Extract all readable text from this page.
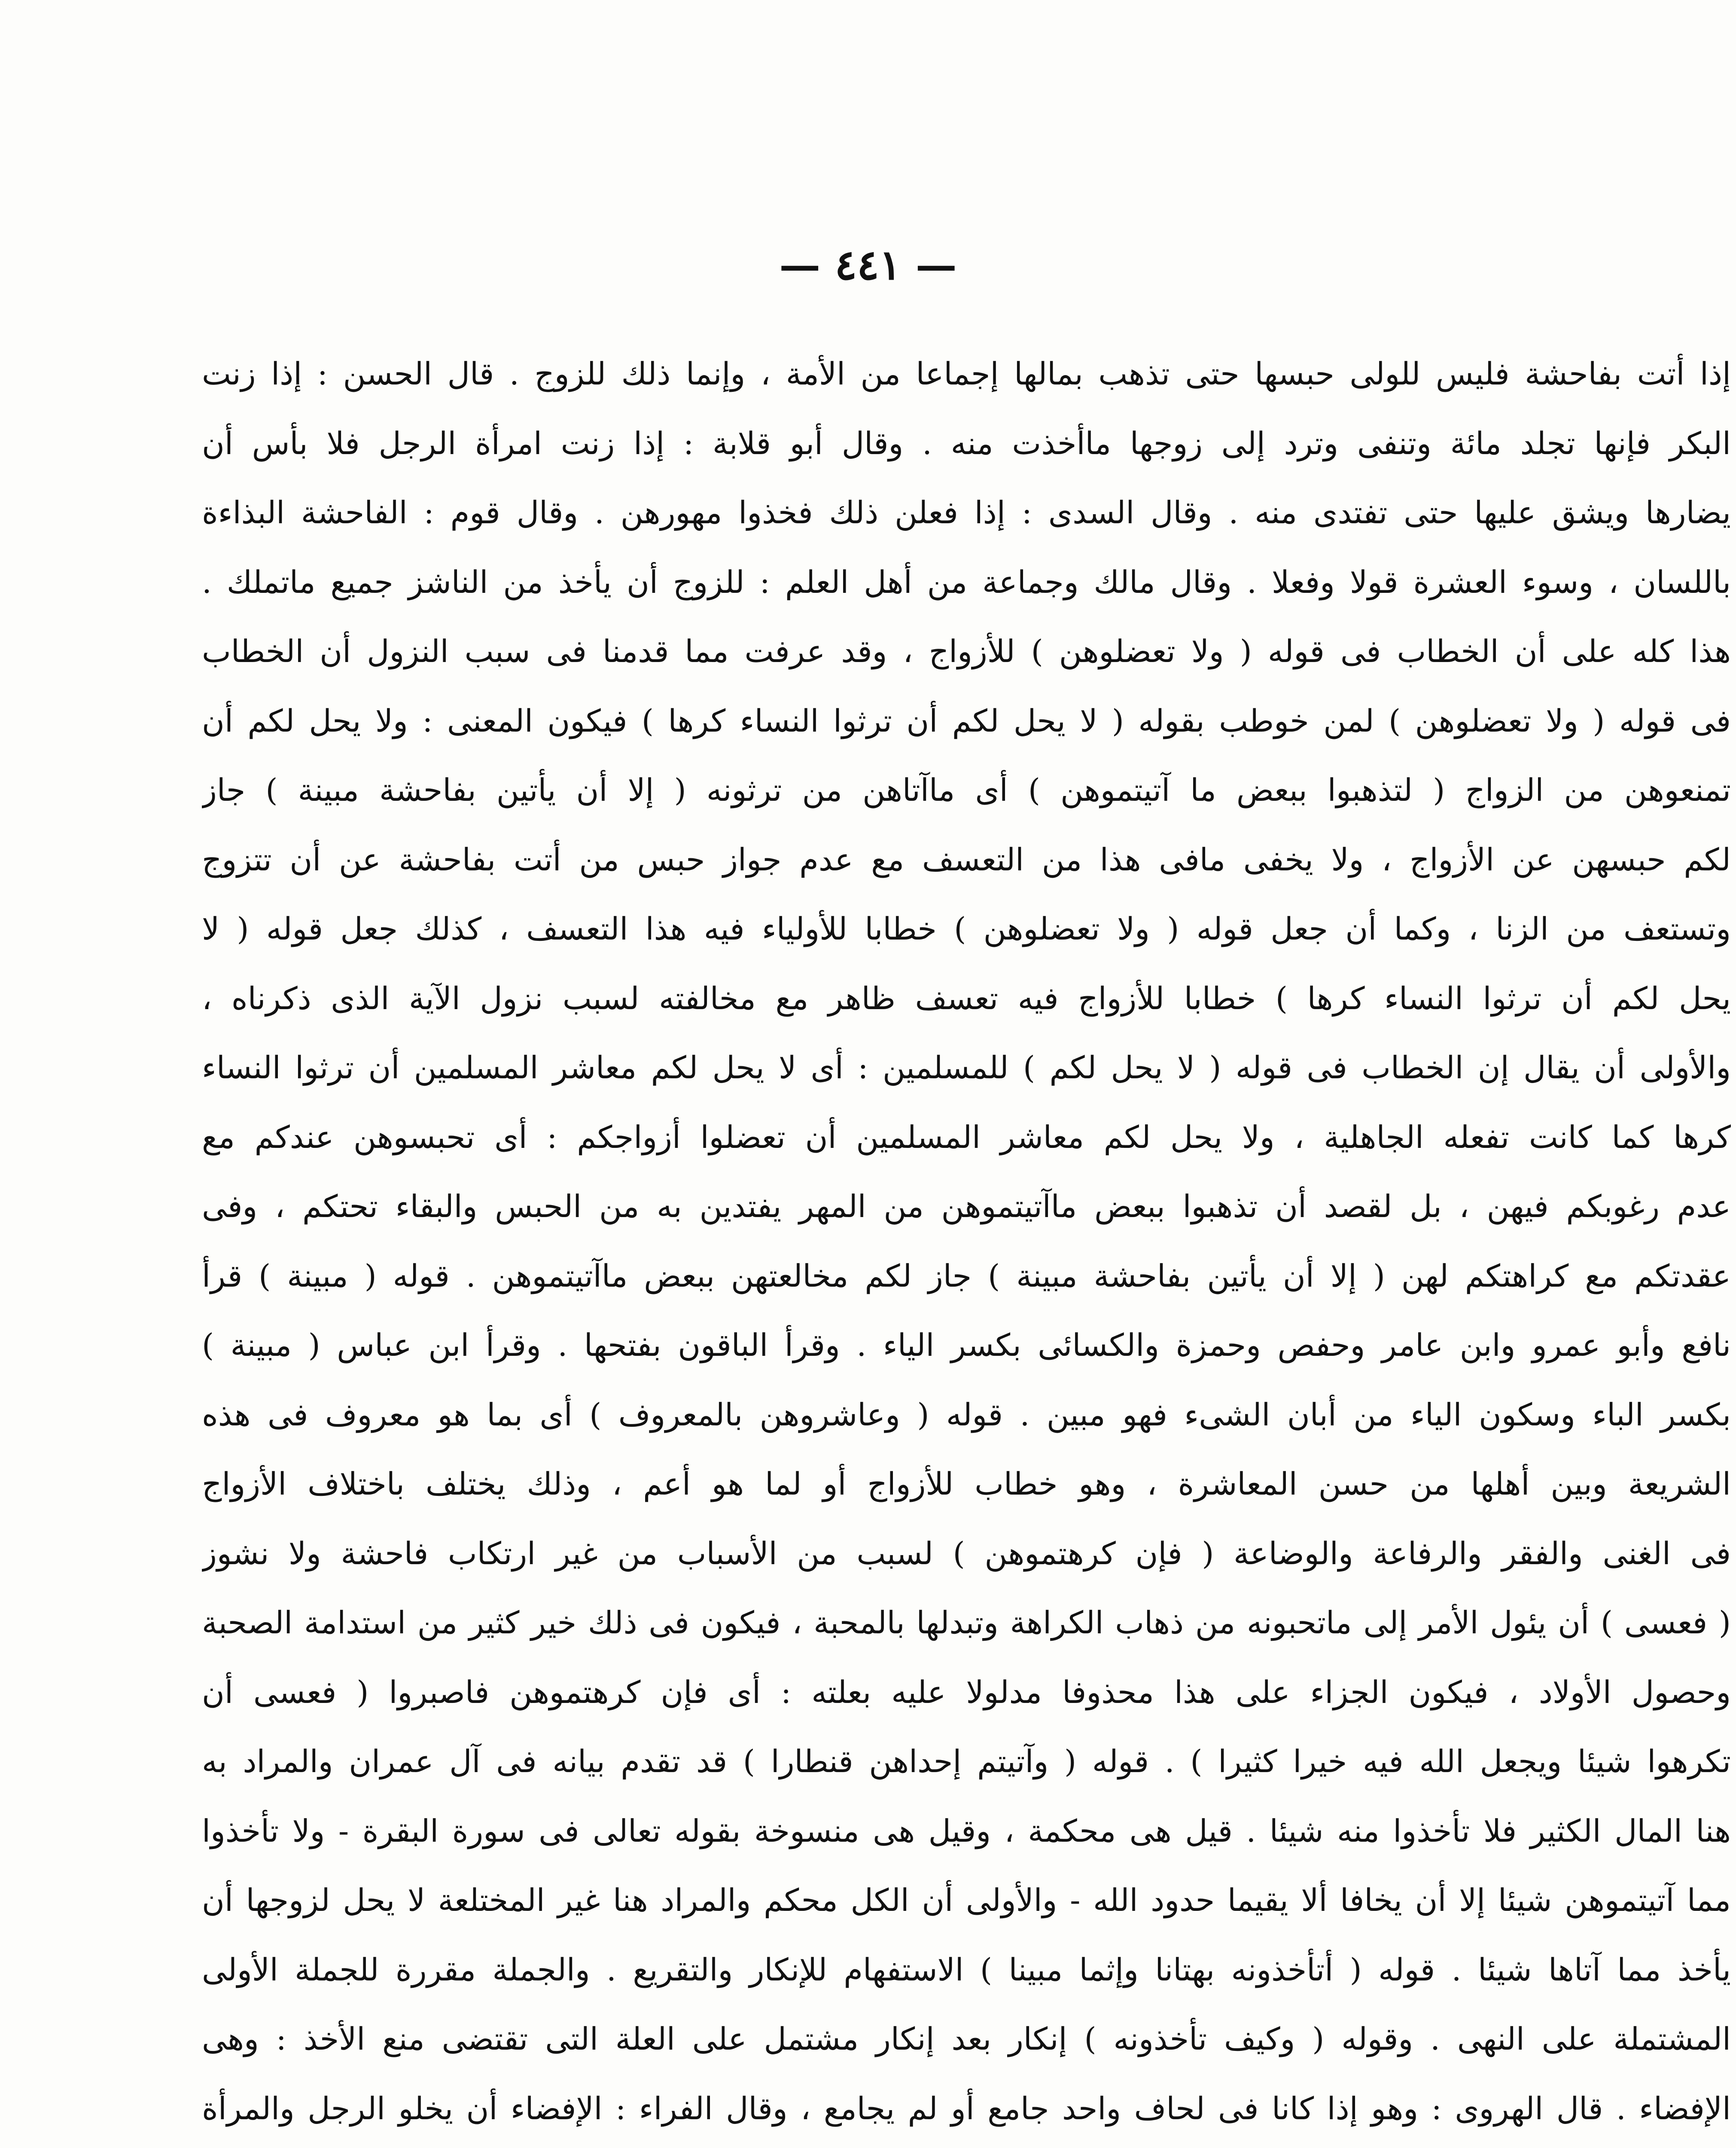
— ٤٤١ —
إذا أتت بفاحشة فليس للولى حبسها حتى تذهب بمالها إجماعا من الأمة ، وإنما ذلك للزوج . قال الحسن : إذا زنت
البكر فإنها تجلد مائة وتنفى وترد إلى زوجها ماأخذت منه . وقال أبو قلابة : إذا زنت امرأة الرجل فلا بأس أن
يضارها ويشق عليها حتى تفتدى منه . وقال السدى : إذا فعلن ذلك فخذوا مهورهن . وقال قوم : الفاحشة البذاءة
باللسان ، وسوء العشرة قولا وفعلا . وقال مالك وجماعة من أهل العلم : للزوج أن يأخذ من الناشز جميع ماتملك .
هذا كله على أن الخطاب فى قوله ( ولا تعضلوهن ) للأزواج ، وقد عرفت مما قدمنا فى سبب النزول أن الخطاب
فى قوله ( ولا تعضلوهن ) لمن خوطب بقوله ( لا يحل لكم أن ترثوا النساء كرها ) فيكون المعنى : ولا يحل لكم أن
تمنعوهن من الزواج ( لتذهبوا ببعض ما آتيتموهن ) أى ماآتاهن من ترثونه ( إلا أن يأتين بفاحشة مبينة ) جاز
لكم حبسهن عن الأزواج ، ولا يخفى مافى هذا من التعسف مع عدم جواز حبس من أتت بفاحشة عن أن تتزوج
وتستعف من الزنا ، وكما أن جعل قوله ( ولا تعضلوهن ) خطابا للأولياء فيه هذا التعسف ، كذلك جعل قوله ( لا
يحل لكم أن ترثوا النساء كرها ) خطابا للأزواج فيه تعسف ظاهر مع مخالفته لسبب نزول الآية الذى ذكرناه ،
والأولى أن يقال إن الخطاب فى قوله ( لا يحل لكم ) للمسلمين : أى لا يحل لكم معاشر المسلمين أن ترثوا النساء
كرها كما كانت تفعله الجاهلية ، ولا يحل لكم معاشر المسلمين أن تعضلوا أزواجكم : أى تحبسوهن عندكم مع
عدم رغوبكم فيهن ، بل لقصد أن تذهبوا ببعض ماآتيتموهن من المهر يفتدين به من الحبس والبقاء تحتكم ، وفى
عقدتكم مع كراهتكم لهن ( إلا أن يأتين بفاحشة مبينة ) جاز لكم مخالعتهن ببعض ماآتيتموهن . قوله ( مبينة ) قرأ
نافع وأبو عمرو وابن عامر وحفص وحمزة والكسائى بكسر الياء . وقرأ الباقون بفتحها . وقرأ ابن عباس ( مبينة )
بكسر الباء وسكون الياء من أبان الشىء فهو مبين . قوله ( وعاشروهن بالمعروف ) أى بما هو معروف فى هذه
الشريعة وبين أهلها من حسن المعاشرة ، وهو خطاب للأزواج أو لما هو أعم ، وذلك يختلف باختلاف الأزواج
فى الغنى والفقر والرفاعة والوضاعة ( فإن كرهتموهن ) لسبب من الأسباب من غير ارتكاب فاحشة ولا نشوز
( فعسى ) أن يئول الأمر إلى ماتحبونه من ذهاب الكراهة وتبدلها بالمحبة ، فيكون فى ذلك خير كثير من استدامة الصحبة
وحصول الأولاد ، فيكون الجزاء على هذا محذوفا مدلولا عليه بعلته : أى فإن كرهتموهن فاصبروا ( فعسى أن
تكرهوا شيئا ويجعل الله فيه خيرا كثيرا ) . قوله ( وآتيتم إحداهن قنطارا ) قد تقدم بيانه فى آل عمران والمراد به
هنا المال الكثير فلا تأخذوا منه شيئا . قيل هى محكمة ، وقيل هى منسوخة بقوله تعالى فى سورة البقرة - ولا تأخذوا
مما آتيتموهن شيئا إلا أن يخافا ألا يقيما حدود الله - والأولى أن الكل محكم والمراد هنا غير المختلعة لا يحل لزوجها أن
يأخذ مما آتاها شيئا . قوله ( أتأخذونه بهتانا وإثما مبينا ) الاستفهام للإنكار والتقريع . والجملة مقررة للجملة الأولى
المشتملة على النهى . وقوله ( وكيف تأخذونه ) إنكار بعد إنكار مشتمل على العلة التى تقتضى منع الأخذ : وهى
الإفضاء . قال الهروى : وهو إذا كانا فى لحاف واحد جامع أو لم يجامع ، وقال الفراء : الإفضاء أن يخلو الرجل والمرأة
